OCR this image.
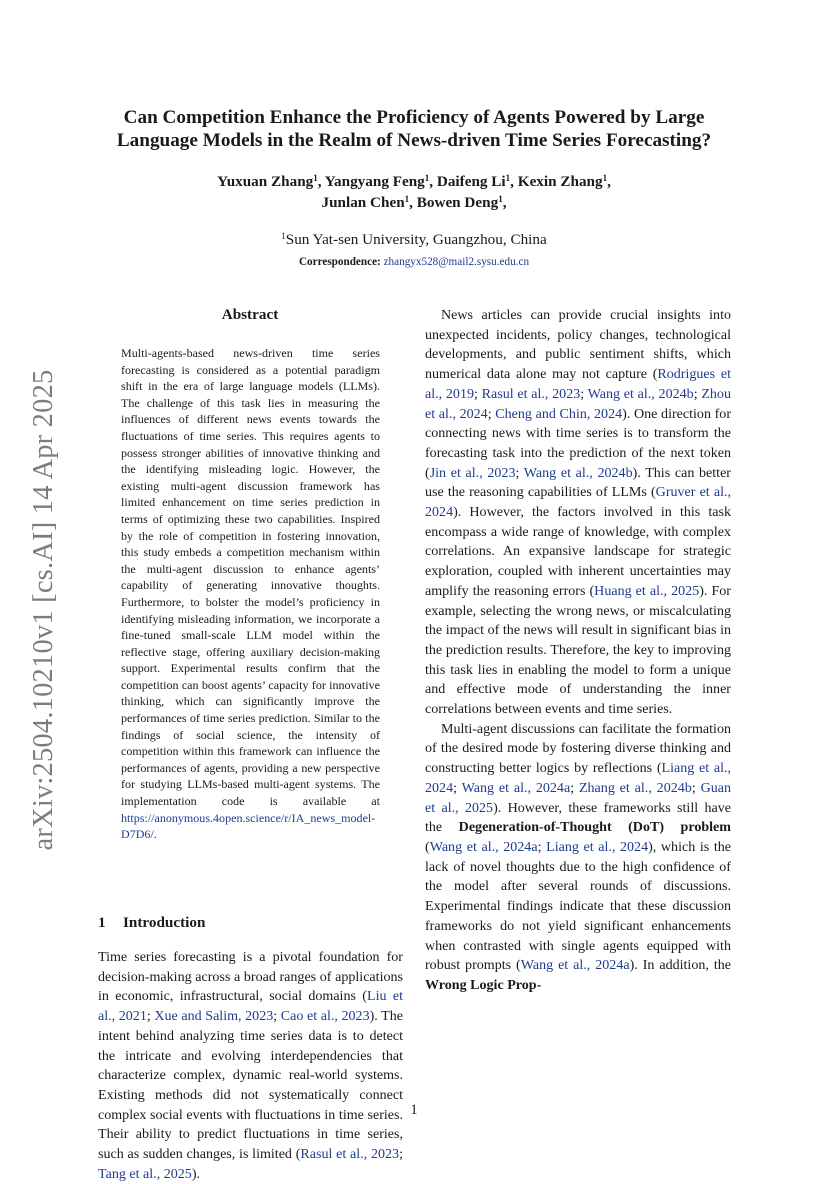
arXiv:2504.10210v1 [cs.AI] 14 Apr 2025
Can Competition Enhance the Proficiency of Agents Powered by Large Language Models in the Realm of News-driven Time Series Forecasting?
Yuxuan Zhang$^1$, Yangyang Feng$^1$, Daifeng Li$^1$, Kexin Zhang$^1$,
Junlan Chen$^1$, Bowen Deng$^1$,
$^1$Sun Yat-sen University, Guangzhou, China
Correspondence: zhangyx528@mail2.sysu.edu.cn
Abstract

Multi-agents-based news-driven time series forecasting is considered as a potential paradigm shift in the era of large language models (LLMs). The challenge of this task lies in measuring the influences of different news events towards the fluctuations of time series. This requires agents to possess stronger abilities of innovative thinking and the identifying misleading logic. However, the existing multi-agent discussion framework has limited enhancement on time series prediction in terms of optimizing these two capabilities. Inspired by the role of competition in fostering innovation, this study embeds a competition mechanism within the multi-agent discussion to enhance agents’ capability of generating innovative thoughts. Furthermore, to bolster the model’s proficiency in identifying misleading information, we incorporate a fine-tuned small-scale LLM model within the reflective stage, offering auxiliary decision-making support. Experimental results confirm that the competition can boost agents’ capacity for innovative thinking, which can significantly improve the performances of time series prediction. Similar to the findings of social science, the intensity of competition within this framework can influence the performances of agents, providing a new perspective for studying LLMs-based multi-agent systems. The implementation code is available at https://anonymous.4open.science/r/IA_news_model-D7D6/.

1 Introduction

Time series forecasting is a pivotal foundation for decision-making across a broad ranges of applications in economic, infrastructural, social domains (Liu et al., 2021; Xue and Salim, 2023; Cao et al., 2023). The intent behind analyzing time series data is to detect the intricate and evolving interdependencies that characterize complex, dynamic real-world systems. Existing methods did not systematically connect complex social events with fluctuations in time series. Their ability to predict fluctuations in time series, such as sudden changes, is limited (Rasul et al., 2023; Tang et al., 2025).

News articles can provide crucial insights into unexpected incidents, policy changes, technological developments, and public sentiment shifts, which numerical data alone may not capture (Rodrigues et al., 2019; Rasul et al., 2023; Wang et al., 2024b; Zhou et al., 2024; Cheng and Chin, 2024). One direction for connecting news with time series is to transform the forecasting task into the prediction of the next token (Jin et al., 2023; Wang et al., 2024b). This can better use the reasoning capabilities of LLMs (Gruver et al., 2024). However, the factors involved in this task encompass a wide range of knowledge, with complex correlations. An expansive landscape for strategic exploration, coupled with inherent uncertainties may amplify the reasoning errors (Huang et al., 2025). For example, selecting the wrong news, or miscalculating the impact of the news will result in significant bias in the prediction results. Therefore, the key to improving this task lies in enabling the model to form a unique and effective mode of understanding the inner correlations between events and time series.

Multi-agent discussions can facilitate the formation of the desired mode by fostering diverse thinking and constructing better logics by reflections (Liang et al., 2024; Wang et al., 2024a; Zhang et al., 2024b; Guan et al., 2025). However, these frameworks still have the Degeneration-of-Thought (DoT) problem (Wang et al., 2024a; Liang et al., 2024), which is the lack of novel thoughts due to the high confidence of the model after several rounds of discussions. Experimental findings indicate that these discussion frameworks do not yield significant enhancements when contrasted with single agents equipped with robust prompts (Wang et al., 2024a). In addition, the Wrong Logic Prop-

1
